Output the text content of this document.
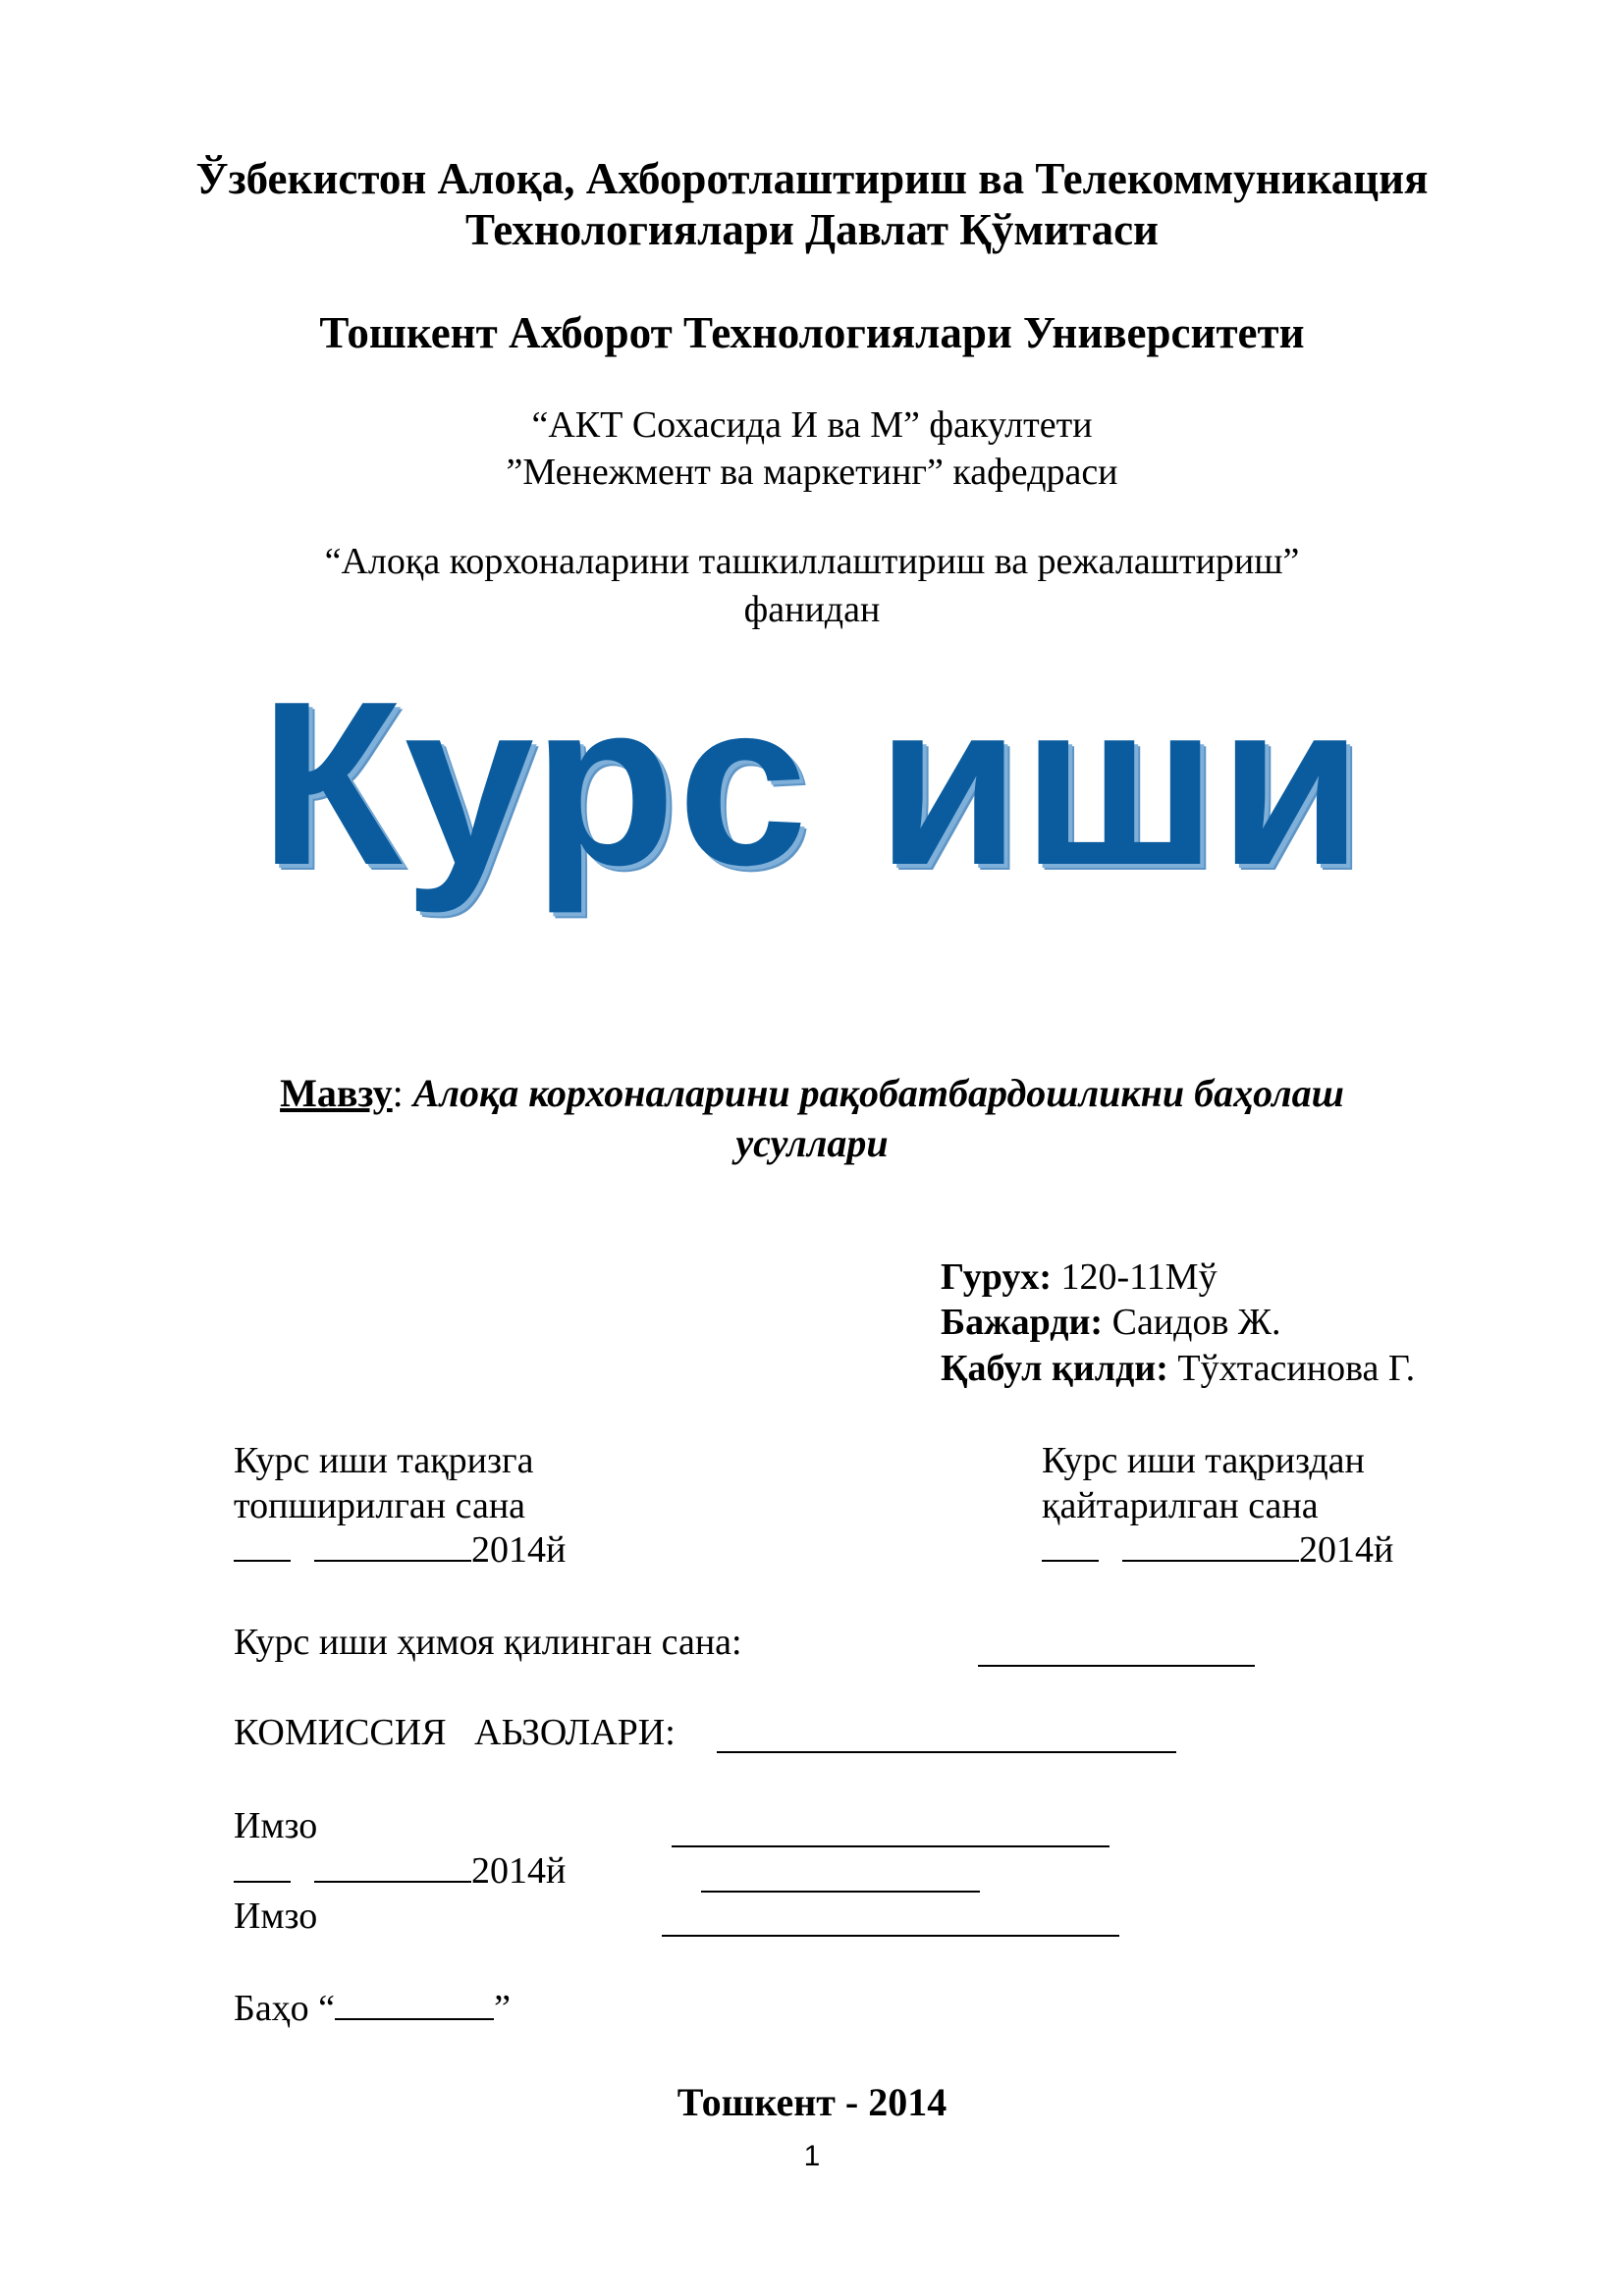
Ўзбекистон Алоқа, Ахборотлаштириш ва Телекоммуникация
Технологиялари Давлат Қўмитаси
Тошкент Ахборот Технологиялари Университети
“АКТ Сохасида И ва М” факултети
”Менежмент ва маркетинг” кафедраси
“Алоқа корхоналарини ташкиллаштириш ва режалаштириш”
фанидан
Курс иши
Мавзу: Алоқа корхоналарини рақобатбардошликни баҳолаш
усуллари
Гурух: 120-11Мў
Бажарди: Саидов Ж.
Қабул қилди: Тўхтасинова Г.
Курс иши тақризга
топширилган сана
2014й
Курс иши тақриздан
қайтарилган сана
2014й
Курс иши ҳимоя қилинган сана:
КОМИССИЯ   АЬЗОЛАРИ:
Имзо
2014й
Имзо
Баҳо “	”
Тошкент - 2014
1
